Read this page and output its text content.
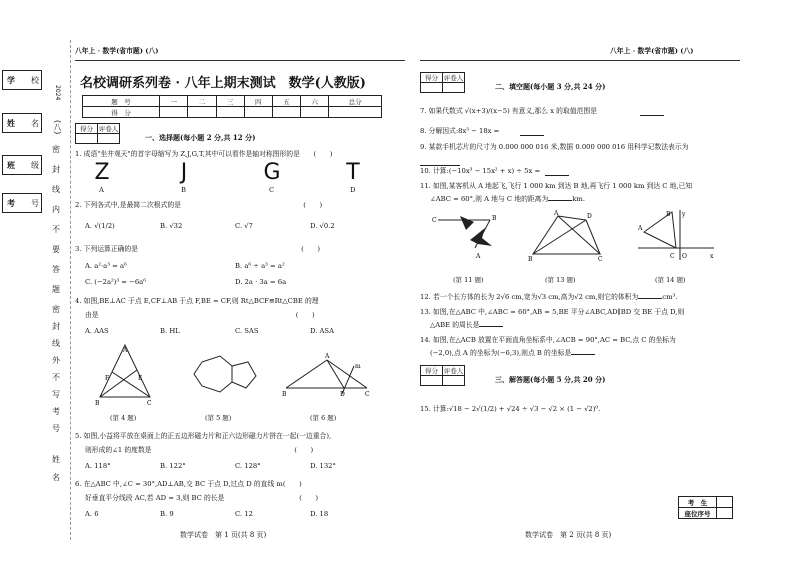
学　　 校
姓　　 名
班　　 级
考　　 号
2024
(八)
密
封
线
内
不
要
答
题
密
封
线
外
不
写
考
号
姓
名
八年上 · 数学(省市题) (八)	八年上 · 数学(省市题) (八)
名校调研系列卷 · 八年上期末测试　数学(人教版)
题　号	一	二	三	四	五	六	总分
得　分							
得分	评卷人

一、选择题(每小题 2 分,共 12 分)
1. 成语"坐井观天"的首字母缩写为 Z,J,G,T,其中可以看作是轴对称图形的是　　(　　)
Z	J	G	T
A	B	C	D
2. 下列各式中,是最简二次根式的是　　　　　　　　　　　　　　　　　　(　　)
A. √(1/2)	B. √32	C. √7	D. √0.2
3. 下列运算正确的是　　　　　　　　　　　　　　　　　　　　　　　　(　　)
A. a²·a³ = a⁶	B. a⁶ ÷ a³ = a²
C. (−2a²)³ = −6a⁶	D. 2a · 3a = 6a
4. 如图,BE⊥AC 于点 E,CF⊥AB 于点 F,BE = CF,则 Rt△BCF≌Rt△CBE 的理
由是　　　　　　　　　　　　　　　　　　　　　　　　　　　　　(　　)
A. AAS	B. HL	C. SAS	D. ASA
A
B	C
F	E
A
B	D	C
m
(第 4 题)	(第 5 题)	(第 6 题)
5. 如图,小益将平放在桌面上的正五边形磁力片和正六边形磁力片拼在一起(一边重合),
则形成的∠1 的度数是　　　　　　　　　　　　　　　　　　　　　(　　)
A. 118°	B. 122°	C. 128°	D. 132°
6. 在△ABC 中,∠C = 30°,AD⊥AB,交 BC 于点 D,过点 D 的直线 m(　　)
好垂直平分线段 AC,若 AD = 3,则 BC 的长是　　　　　　　　　　　(　　)
A. 6	B. 9	C. 12	D. 18
数学试卷　第 1 页(共 8 页)
得分	评卷人

二、填空题(每小题 3 分,共 24 分)
7. 如果代数式 √(x+3)/(x−5) 有意义,那么 x 的取值范围是
8. 分解因式:8x³ − 18x =
9. 某款手机芯片的尺寸为 0.000 000 016 米,数据 0.000 000 016 用科学记数法表示为
10. 计算:(−10x³ − 15x² + x) ÷ 5x =
11. 如图,某客机从 A 地起飞,飞行 1 000 km 到达 B 地,再飞行 1 000 km 到达 C 地,已知
∠ABC = 60°,则 A 地与 C 地的距离为	km.
C	B
A
A	D
B	C
A
B
C O	x
y
(第 11 题)	(第 13 题)	(第 14 题)
12. 若一个长方体的长为 2√6 cm,宽为√3 cm,高为√2 cm,则它的体积为	cm³.
13. 如图,在△ABC 中,∠ABC = 60°,AB = 5,BE 平分∠ABC,AD∥BD 交 BE 于点 D,则
△ABE 的周长是
14. 如图,在△ACB 放置在平面直角坐标系中,∠ACB = 90°,AC = BC,点 C 的坐标为
(−2,0),点 A 的坐标为(−6,3),则点 B 的坐标是
得分	评卷人

三、解答题(每小题 5 分,共 20 分)
15. 计算:√18 − 2√(1/2) + √24 ÷ √3 − √2 × (1 − √2)⁰.
考　生	
座位序号	
数学试卷　第 2 页(共 8 页)
